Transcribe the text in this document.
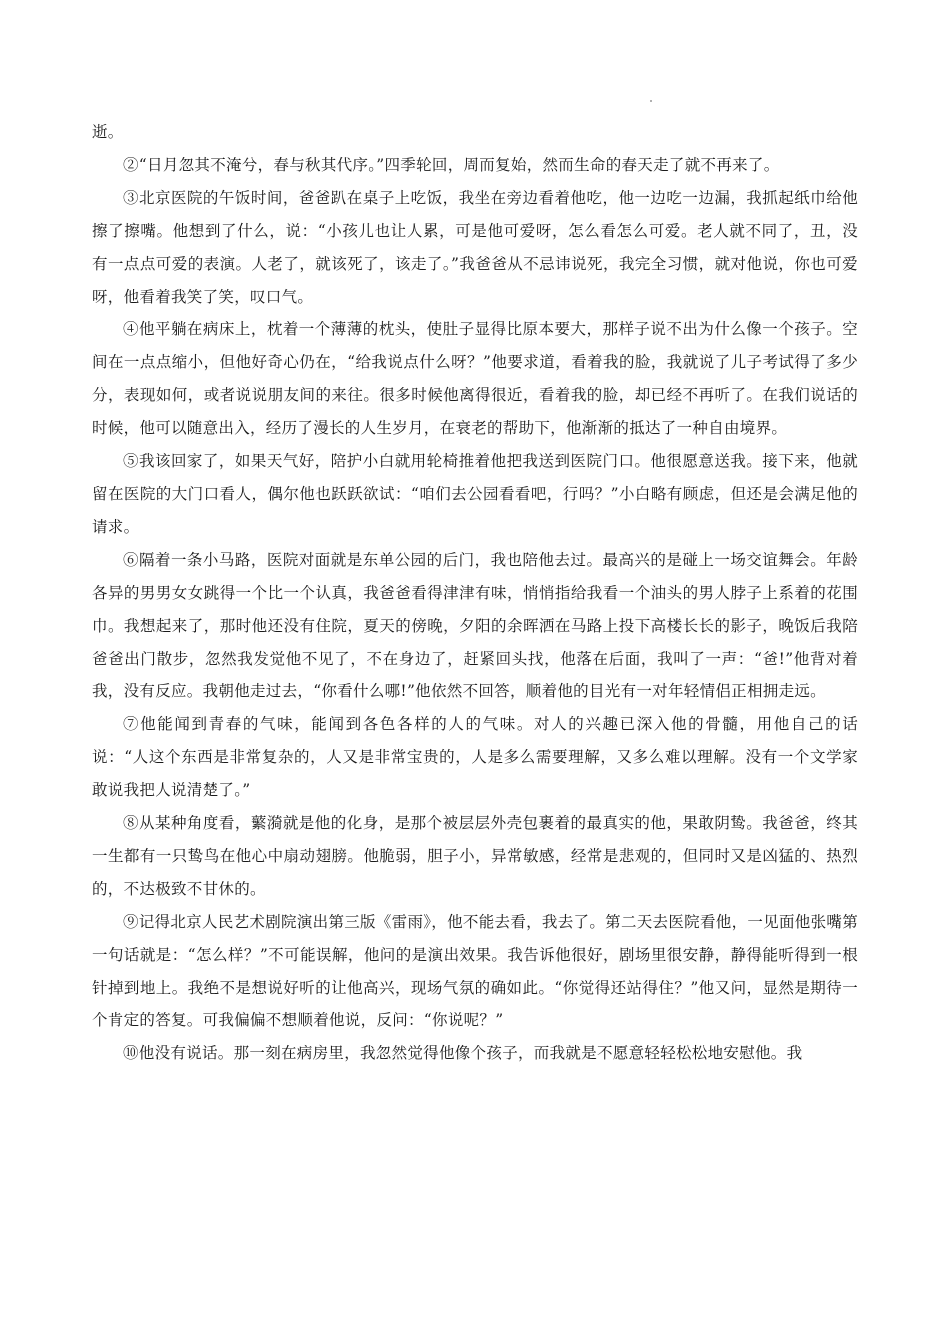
逝。

②“日月忽其不淹兮，春与秋其代序。”四季轮回，周而复始，然而生命的春天走了就不再来了。

③北京医院的午饭时间，爸爸趴在桌子上吃饭，我坐在旁边看着他吃，他一边吃一边漏，我抓起纸巾给他擦了擦嘴。他想到了什么，说：“小孩儿也让人累，可是他可爱呀，怎么看怎么可爱。老人就不同了，丑，没有一点点可爱的表演。人老了，就该死了，该走了。”我爸爸从不忌讳说死，我完全习惯，就对他说，你也可爱呀，他看着我笑了笑，叹口气。

④他平躺在病床上，枕着一个薄薄的枕头，使肚子显得比原本要大，那样子说不出为什么像一个孩子。空间在一点点缩小，但他好奇心仍在，“给我说点什么呀？”他要求道，看着我的脸，我就说了儿子考试得了多少分，表现如何，或者说说朋友间的来往。很多时候他离得很近，看着我的脸，却已经不再听了。在我们说话的时候，他可以随意出入，经历了漫长的人生岁月，在衰老的帮助下，他渐渐的抵达了一种自由境界。

⑤我该回家了，如果天气好，陪护小白就用轮椅推着他把我送到医院门口。他很愿意送我。接下来，他就留在医院的大门口看人，偶尔他也跃跃欲试：“咱们去公园看看吧，行吗？”小白略有顾虑，但还是会满足他的请求。

⑥隔着一条小马路，医院对面就是东单公园的后门，我也陪他去过。最高兴的是碰上一场交谊舞会。年龄各异的男男女女跳得一个比一个认真，我爸爸看得津津有味，悄悄指给我看一个油头的男人脖子上系着的花围巾。我想起来了，那时他还没有住院，夏天的傍晚，夕阳的余晖洒在马路上投下高楼长长的影子，晚饭后我陪爸爸出门散步，忽然我发觉他不见了，不在身边了，赶紧回头找，他落在后面，我叫了一声：“爸!”他背对着我，没有反应。我朝他走过去，“你看什么哪!”他依然不回答，顺着他的目光有一对年轻情侣正相拥走远。

⑦他能闻到青春的气味，能闻到各色各样的人的气味。对人的兴趣已深入他的骨髓，用他自己的话说：“人这个东西是非常复杂的，人又是非常宝贵的，人是多么需要理解，又多么难以理解。没有一个文学家敢说我把人说清楚了。”

⑧从某种角度看，蘩漪就是他的化身，是那个被层层外壳包裹着的最真实的他，果敢阴鸷。我爸爸，终其一生都有一只鸷鸟在他心中扇动翅膀。他脆弱，胆子小，异常敏感，经常是悲观的，但同时又是凶猛的、热烈的，不达极致不甘休的。

⑨记得北京人民艺术剧院演出第三版《雷雨》，他不能去看，我去了。第二天去医院看他，一见面他张嘴第一句话就是：“怎么样？”不可能误解，他问的是演出效果。我告诉他很好，剧场里很安静，静得能听得到一根针掉到地上。我绝不是想说好听的让他高兴，现场气氛的确如此。“你觉得还站得住？”他又问，显然是期待一个肯定的答复。可我偏偏不想顺着他说，反问：“你说呢？”

⑩他没有说话。那一刻在病房里，我忽然觉得他像个孩子，而我就是不愿意轻轻松松地安慰他。我
